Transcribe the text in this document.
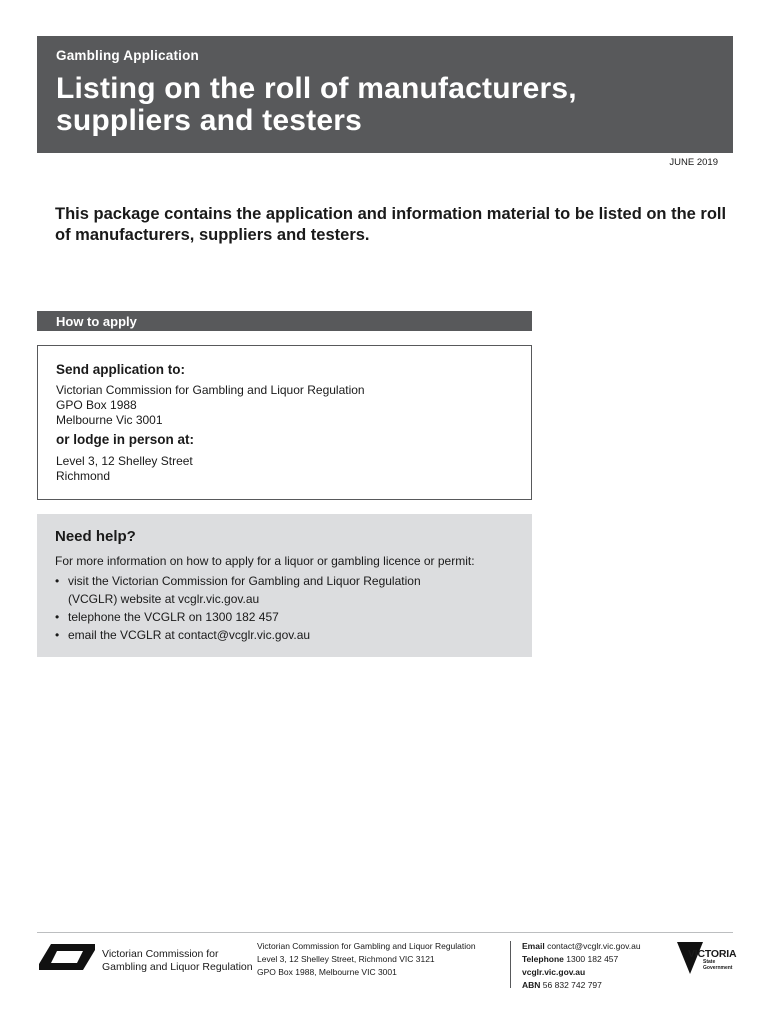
Gambling Application
Listing on the roll of manufacturers,
suppliers and testers
JUNE 2019
This package contains the application and information material to be listed on the roll of manufacturers, suppliers and testers.
How to apply
Send application to:
Victorian Commission for Gambling and Liquor Regulation
GPO Box 1988
Melbourne Vic 3001
or lodge in person at:
Level 3, 12 Shelley Street
Richmond
Need help?
For more information on how to apply for a liquor or gambling licence or permit:
• visit the Victorian Commission for Gambling and Liquor Regulation
(VCGLR) website at vcglr.vic.gov.au
• telephone the VCGLR on 1300 182 457
• email the VCGLR at contact@vcglr.vic.gov.au
Victorian Commission for
Gambling and Liquor Regulation
Victorian Commission for Gambling and Liquor Regulation
Level 3, 12 Shelley Street, Richmond VIC 3121
GPO Box 1988, Melbourne VIC 3001
Email contact@vcglr.vic.gov.au
Telephone 1300 182 457
vcglr.vic.gov.au
ABN 56 832 742 797
VICTORIA
State
Government
